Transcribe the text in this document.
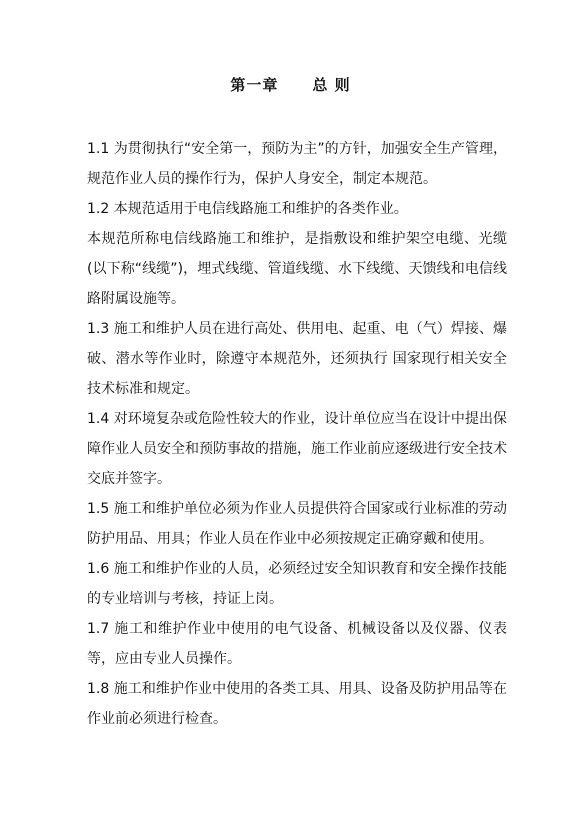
第一章 总 则

1.1 为贯彻执行“安全第一，预防为主”的方针，加强安全生产管理，规范作业人员的操作行为，保护人身安全，制定本规范。

1.2 本规范适用于电信线路施工和维护的各类作业。

本规范所称电信线路施工和维护，是指敷设和维护架空电缆、光缆(以下称“线缆”)，埋式线缆、管道线缆、水下线缆、天馈线和电信线路附属设施等。

1.3 施工和维护人员在进行高处、供用电、起重、电（气）焊接、爆破、潜水等作业时，除遵守本规范外，还须执行 国家现行相关安全技术标准和规定。

1.4 对环境复杂或危险性较大的作业，设计单位应当在设计中提出保障作业人员安全和预防事故的措施，施工作业前应逐级进行安全技术交底并签字。

1.5 施工和维护单位必须为作业人员提供符合国家或行业标准的劳动防护用品、用具；作业人员在作业中必须按规定正确穿戴和使用。

1.6 施工和维护作业的人员，必须经过安全知识教育和安全操作技能的专业培训与考核，持证上岗。

1.7 施工和维护作业中使用的电气设备、机械设备以及仪器、仪表等，应由专业人员操作。

1.8 施工和维护作业中使用的各类工具、用具、设备及防护用品等在作业前必须进行检查。
